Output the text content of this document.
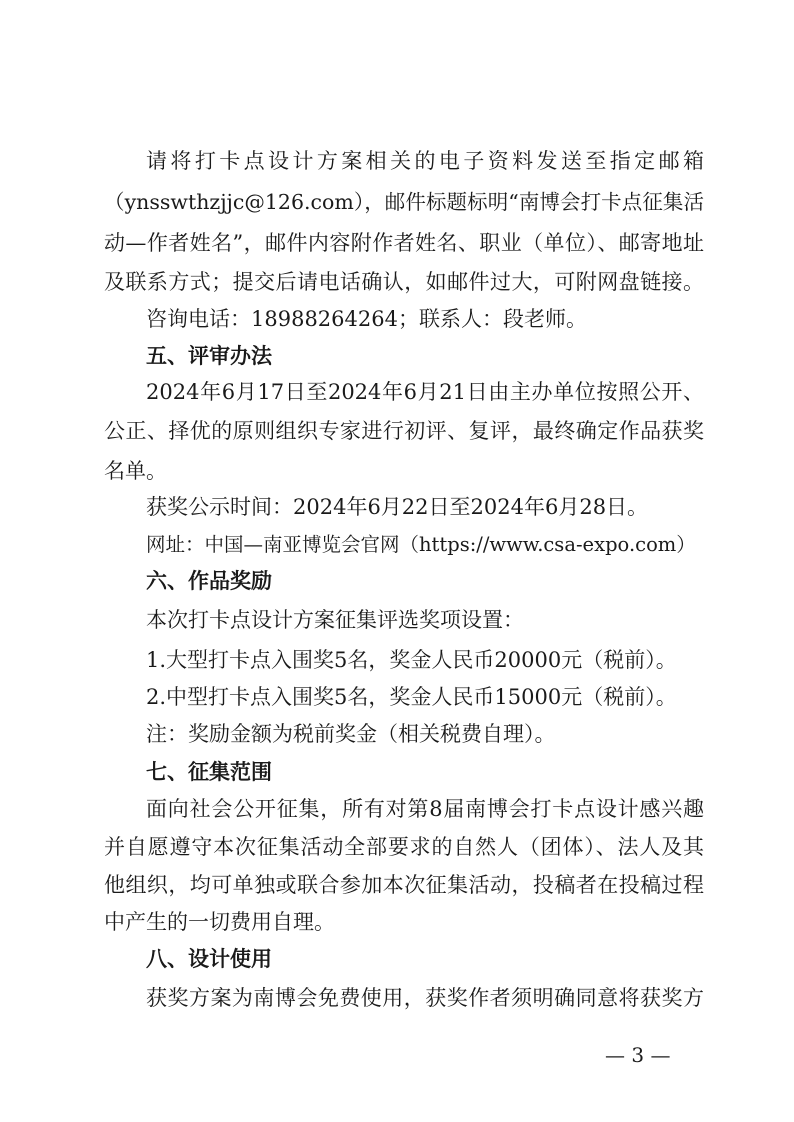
请将打卡点设计方案相关的电子资料发送至指定邮箱
（ynsswthzjjc@126.com），邮件标题标明“南博会打卡点征集活
动—作者姓名”，邮件内容附作者姓名、职业（单位）、邮寄地址
及联系方式；提交后请电话确认，如邮件过大，可附网盘链接。
咨询电话：18988264264；联系人：段老师。
五、评审办法
2024年6月17日至2024年6月21日由主办单位按照公开、
公正、择优的原则组织专家进行初评、复评，最终确定作品获奖
名单。
获奖公示时间：2024年6月22日至2024年6月28日。
网址：中国—南亚博览会官网（https://www.csa-expo.com）
六、作品奖励
本次打卡点设计方案征集评选奖项设置：
1.大型打卡点入围奖5名，奖金人民币20000元（税前）。
2.中型打卡点入围奖5名，奖金人民币15000元（税前）。
注：奖励金额为税前奖金（相关税费自理）。
七、征集范围
面向社会公开征集，所有对第8届南博会打卡点设计感兴趣
并自愿遵守本次征集活动全部要求的自然人（团体）、法人及其
他组织，均可单独或联合参加本次征集活动，投稿者在投稿过程
中产生的一切费用自理。
八、设计使用
获奖方案为南博会免费使用，获奖作者须明确同意将获奖方
— 3 —
